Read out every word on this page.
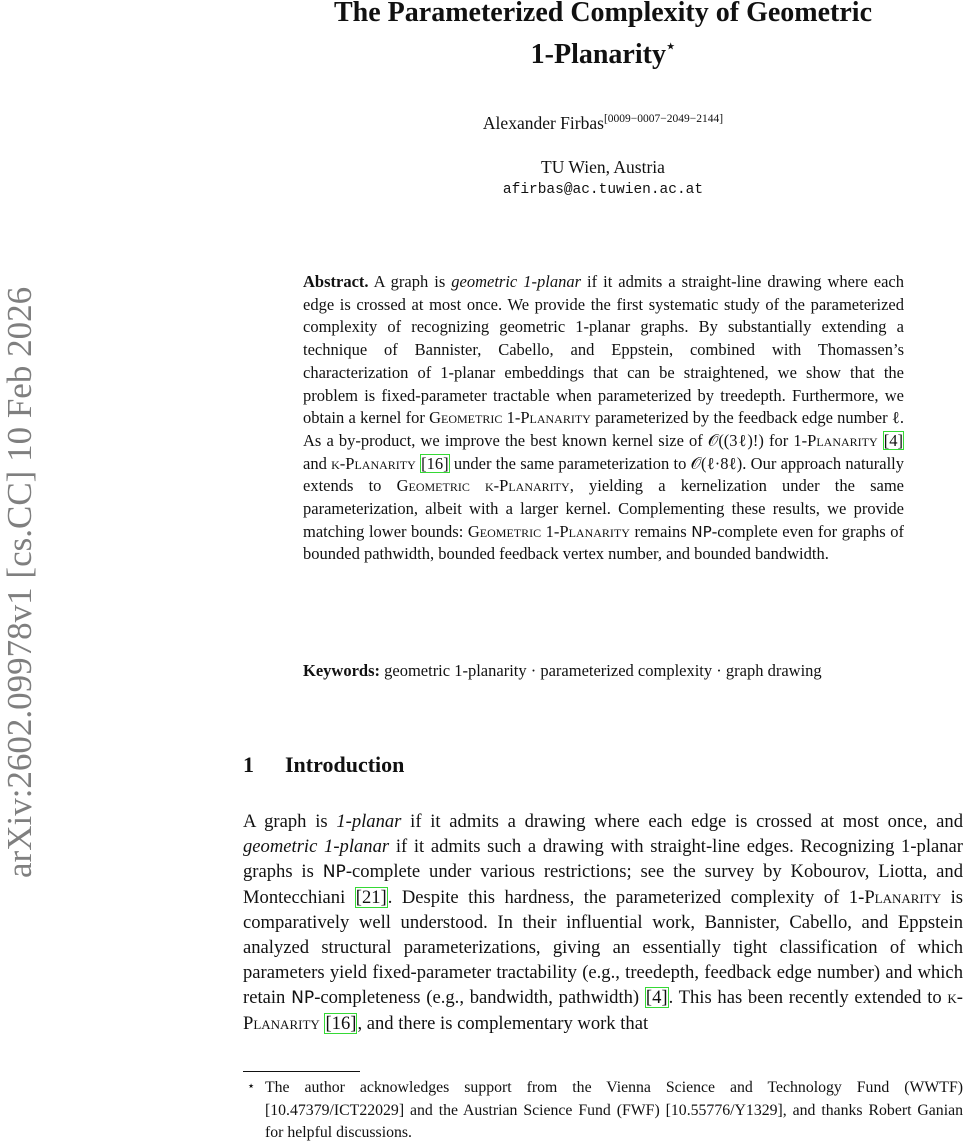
arXiv:2602.09978v1 [cs.CC] 10 Feb 2026
The Parameterized Complexity of Geometric
1-Planarity⋆
Alexander Firbas[0009−0007−2049−2144]
TU Wien, Austria
afirbas@ac.tuwien.ac.at
Abstract. A graph is geometric 1-planar if it admits a straight-line drawing where each edge is crossed at most once. We provide the first systematic study of the parameterized complexity of recognizing geometric 1-planar graphs. By substantially extending a technique of Bannister, Cabello, and Eppstein, combined with Thomassen’s characterization of 1-planar embeddings that can be straightened, we show that the problem is fixed-parameter tractable when parameterized by treedepth. Furthermore, we obtain a kernel for Geometric 1-Planarity parameterized by the feedback edge number ℓ. As a by-product, we improve the best known kernel size of 𝒪((3ℓ)!) for 1-Planarity [4] and k-Planarity [16] under the same parameterization to 𝒪(ℓ·8ℓ). Our approach naturally extends to Geometric k-Planarity, yielding a kernelization under the same parameterization, albeit with a larger kernel. Complementing these results, we provide matching lower bounds: Geometric 1-Planarity remains NP-complete even for graphs of bounded pathwidth, bounded feedback vertex number, and bounded bandwidth.
Keywords: geometric 1-planarity · parameterized complexity · graph drawing
1 Introduction
A graph is 1-planar if it admits a drawing where each edge is crossed at most once, and geometric 1-planar if it admits such a drawing with straight-line edges. Recognizing 1-planar graphs is NP-complete under various restrictions; see the survey by Kobourov, Liotta, and Montecchiani [21]. Despite this hardness, the parameterized complexity of 1-Planarity is comparatively well understood. In their influential work, Bannister, Cabello, and Eppstein analyzed structural parameterizations, giving an essentially tight classification of which parameters yield fixed-parameter tractability (e.g., treedepth, feedback edge number) and which retain NP-completeness (e.g., bandwidth, pathwidth) [4]. This has been recently extended to k-Planarity [16], and there is complementary work that
⋆ The author acknowledges support from the Vienna Science and Technology Fund (WWTF) [10.47379/ICT22029] and the Austrian Science Fund (FWF) [10.55776/Y1329], and thanks Robert Ganian for helpful discussions.
